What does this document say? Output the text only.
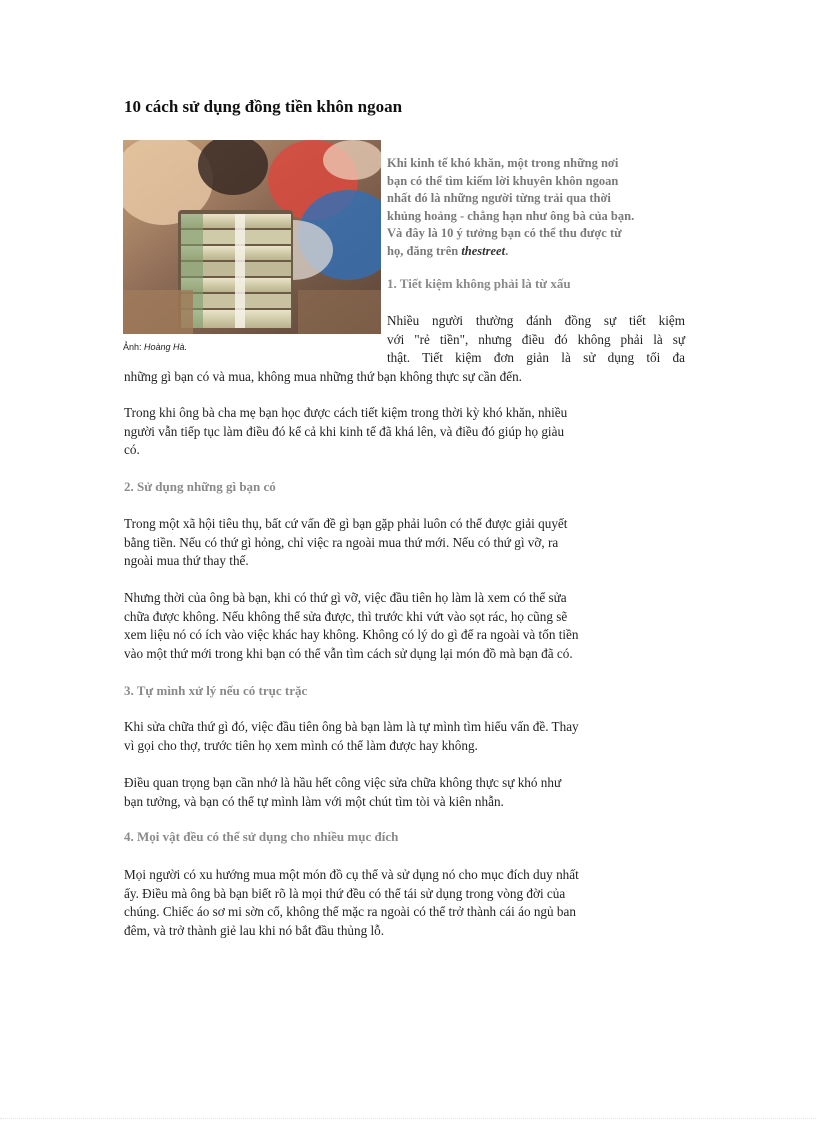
10 cách sử dụng đồng tiền khôn ngoan
Ảnh: Hoàng Hà.
Khi kinh tế khó khăn, một trong những nơi
bạn có thể tìm kiếm lời khuyên khôn ngoan
nhất đó là những người từng trải qua thời
khủng hoảng - chẳng hạn như ông bà của bạn.
Và đây là 10 ý tưởng bạn có thể thu được từ
họ, đăng trên thestreet.
1. Tiết kiệm không phải là từ xấu
Nhiều người thường đánh đồng sự tiết kiệm
với "rẻ tiền", nhưng điều đó không phải là sự
thật. Tiết kiệm đơn giản là sử dụng tối đa
những gì bạn có và mua, không mua những thứ bạn không thực sự cần đến.
Trong khi ông bà cha mẹ bạn học được cách tiết kiệm trong thời kỳ khó khăn, nhiều
người vẫn tiếp tục làm điều đó kể cả khi kinh tế đã khá lên, và điều đó giúp họ giàu
có.
2. Sử dụng những gì bạn có
Trong một xã hội tiêu thụ, bất cứ vấn đề gì bạn gặp phải luôn có thể được giải quyết
bằng tiền. Nếu có thứ gì hỏng, chỉ việc ra ngoài mua thứ mới. Nếu có thứ gì vỡ, ra
ngoài mua thứ thay thế.
Nhưng thời của ông bà bạn, khi có thứ gì vỡ, việc đầu tiên họ làm là xem có thể sửa
chữa được không. Nếu không thể sửa được, thì trước khi vứt vào sọt rác, họ cũng sẽ
xem liệu nó có ích vào việc khác hay không. Không có lý do gì để ra ngoài và tốn tiền
vào một thứ mới trong khi bạn có thể vẫn tìm cách sử dụng lại món đồ mà bạn đã có.
3. Tự mình xử lý nếu có trục trặc
Khi sửa chữa thứ gì đó, việc đầu tiên ông bà bạn làm là tự mình tìm hiểu vấn đề. Thay
vì gọi cho thợ, trước tiên họ xem mình có thể làm được hay không.
Điều quan trọng bạn cần nhớ là hầu hết công việc sửa chữa không thực sự khó như
bạn tưởng, và bạn có thể tự mình làm với một chút tìm tòi và kiên nhẫn.
4. Mọi vật đều có thể sử dụng cho nhiều mục đích
Mọi người có xu hướng mua một món đồ cụ thể và sử dụng nó cho mục đích duy nhất
ấy. Điều mà ông bà bạn biết rõ là mọi thứ đều có thể tái sử dụng trong vòng đời của
chúng. Chiếc áo sơ mi sờn cổ, không thể mặc ra ngoài có thể trở thành cái áo ngủ ban
đêm, và trở thành giẻ lau khi nó bắt đầu thủng lỗ.
